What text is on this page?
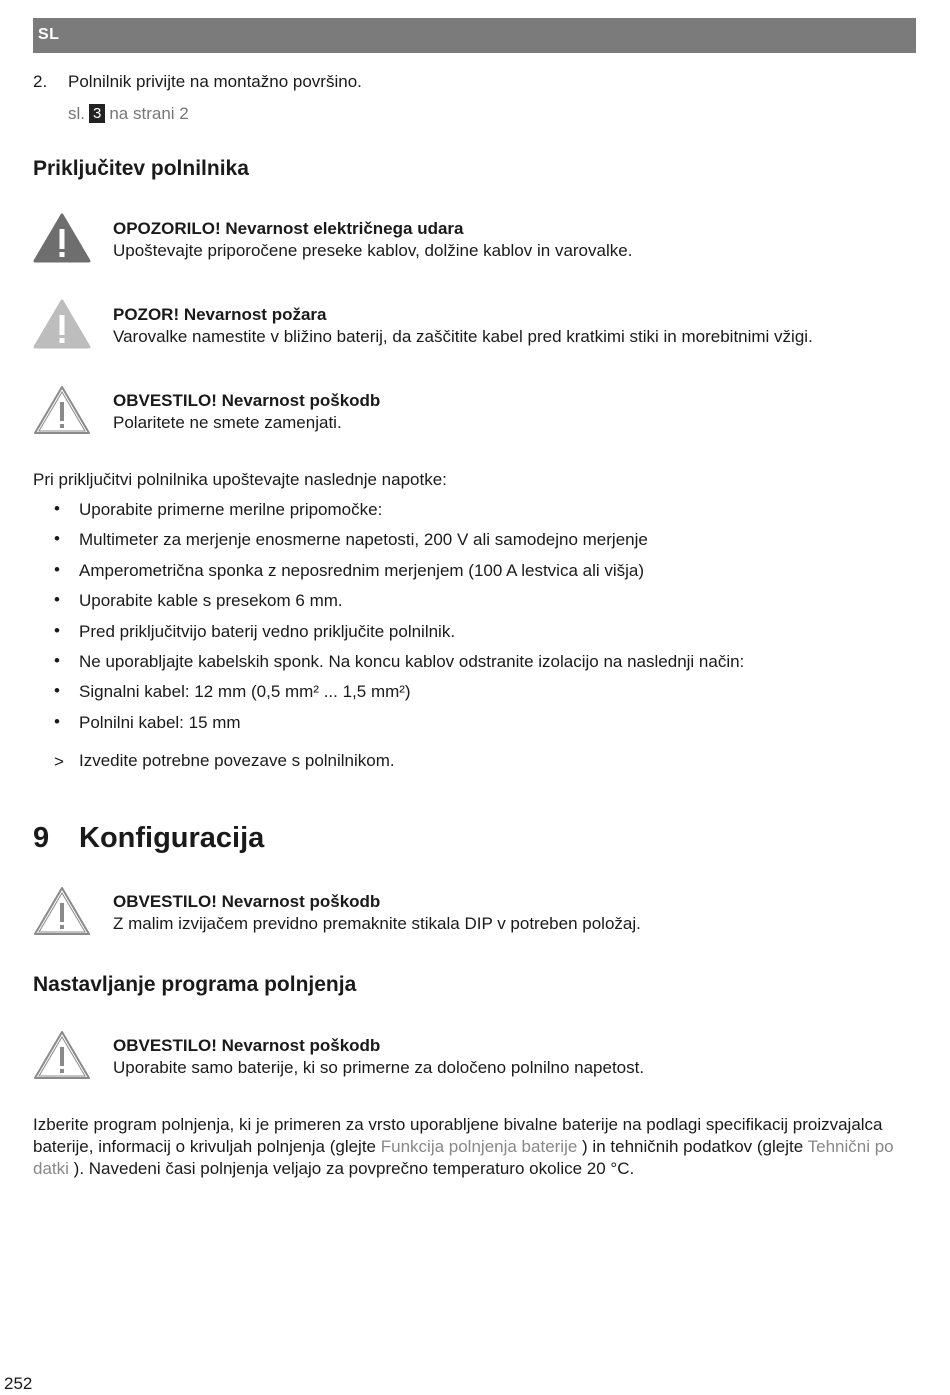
SL
2. Polnilnik privijte na montažno površino.
sl. 3 na strani 2
Priključitev polnilnika
OPOZORILO! Nevarnost električnega udara
Upoštevajte priporočene preseke kablov, dolžine kablov in varovalke.
POZOR! Nevarnost požara
Varovalke namestite v bližino baterij, da zaščitite kabel pred kratkimi stiki in morebitnimi vžigi.
OBVESTILO! Nevarnost poškodb
Polaritete ne smete zamenjati.
Pri priključitvi polnilnika upoštevajte naslednje napotke:
• Uporabite primerne merilne pripomočke:
• Multimeter za merjenje enosmerne napetosti, 200 V ali samodejno merjenje
• Amperometrična sponka z neposrednim merjenjem (100 A lestvica ali višja)
• Uporabite kable s presekom 6 mm.
• Pred priključitvijo baterij vedno priključite polnilnik.
• Ne uporabljajte kabelskih sponk. Na koncu kablov odstranite izolacijo na naslednji način:
• Signalni kabel: 12 mm (0,5 mm² ... 1,5 mm²)
• Polnilni kabel: 15 mm
> Izvedite potrebne povezave s polnilnikom.
9 Konfiguracija
OBVESTILO! Nevarnost poškodb
Z malim izvijačem previdno premaknite stikala DIP v potreben položaj.
Nastavljanje programa polnjenja
OBVESTILO! Nevarnost poškodb
Uporabite samo baterije, ki so primerne za določeno polnilno napetost.
Izberite program polnjenja, ki je primeren za vrsto uporabljene bivalne baterije na podlagi specifikacij proizvajalca
baterije, informacij o krivuljah polnjenja (glejte Funkcija polnjenja baterije ) in tehničnih podatkov (glejte Tehnični po
datki ). Navedeni časi polnjenja veljajo za povprečno temperaturo okolice 20 °C.
252
